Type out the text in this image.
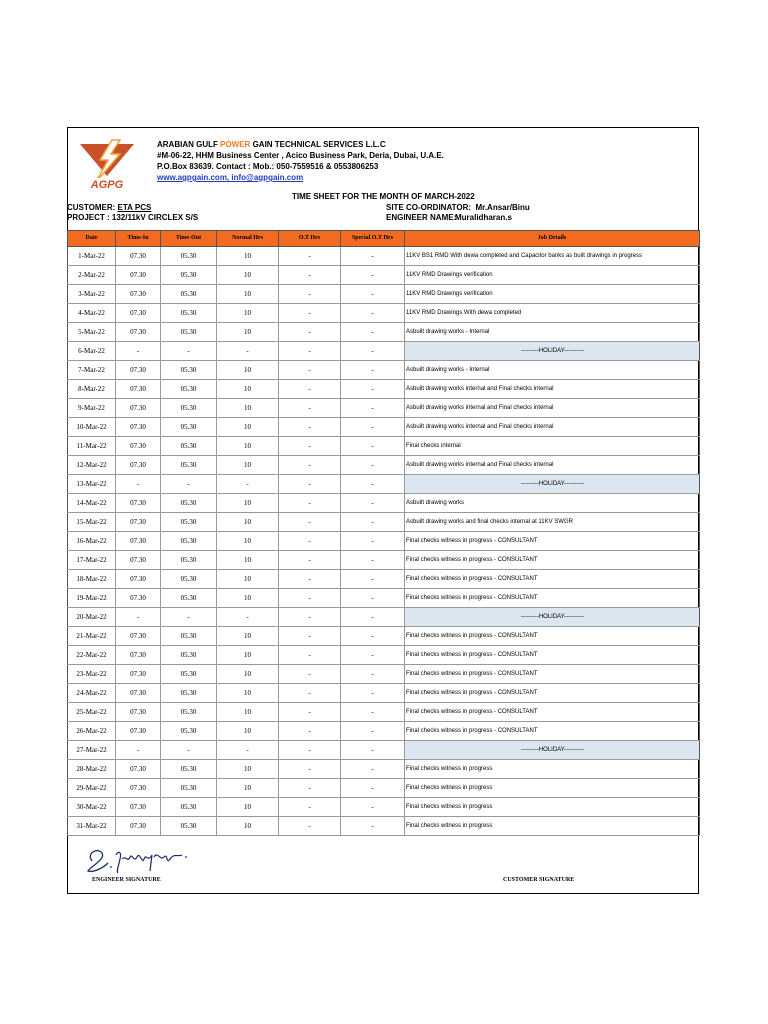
AGPG
ARABIAN GULF POWER GAIN TECHNICAL SERVICES L.L.C
#M-06-22, HHM Business Center , Acico Business Park, Deria, Dubai, U.A.E.
P.O.Box 83639. Contact : Mob.: 050-7559516 & 0553806253
www.agpgain.com, info@agpgain.com
TIME SHEET FOR THE MONTH OF MARCH-2022
CUSTOMER: ETA PCS
PROJECT : 132/11kV CIRCLEX S/S
SITE CO-ORDINATOR: Mr.Ansar/Binu
ENGINEER NAME:Muralidharan.s
Date	Time-In	Time-Out	Normal Hrs	O.T Hrs	Special O.T Hrs	Job Details
1-Mar-22	07.30	05.30	10	-	-	11KV BS1 RMD With dewa completed and Capacitor banks as built drawings in progress
2-Mar-22	07.30	05.30	10	-	-	11KV RMD Drawings verification
3-Mar-22	07.30	05.30	10	-	-	11KV RMD Drawings verification
4-Mar-22	07.30	05.30	10	-	-	11KV RMD Drawings With dewa completed
5-Mar-22	07.30	05.30	10	-	-	Asbuilt drawing works - Internal
6-Mar-22	-	-	-	-	-	---------HOLIDAY----------
7-Mar-22	07.30	05.30	10	-	-	Asbuilt drawing works - Internal
8-Mar-22	07.30	05.30	10	-	-	Asbuilt drawing works internal and Final checks internal
9-Mar-22	07.30	05.30	10	-	-	Asbuilt drawing works internal and Final checks internal
10-Mar-22	07.30	05.30	10	-	-	Asbuilt drawing works internal and Final checks internal
11-Mar-22	07.30	05.30	10	-	-	Final checks internal
12-Mar-22	07.30	05.30	10	-	-	Asbuilt drawing works internal and Final checks internal
13-Mar-22	-	-	-	-	-	---------HOLIDAY----------
14-Mar-22	07.30	05.30	10	-	-	Asbuilt drawing works
15-Mar-22	07.30	05.30	10	-	-	Asbuilt drawing works and final checks internal at 11KV SWGR
16-Mar-22	07.30	05.30	10	-	-	Final checks witness in progress - CONSULTANT
17-Mar-22	07.30	05.30	10	-	-	Final checks witness in progress - CONSULTANT
18-Mar-22	07.30	05.30	10	-	-	Final checks witness in progress - CONSULTANT
19-Mar-22	07.30	05.30	10	-	-	Final checks witness in progress - CONSULTANT
20-Mar-22	-	-	-	-	-	---------HOLIDAY----------
21-Mar-22	07.30	05.30	10	-	-	Final checks witness in progress - CONSULTANT
22-Mar-22	07.30	05.30	10	-	-	Final checks witness in progress - CONSULTANT
23-Mar-22	07.30	05.30	10	-	-	Final checks witness in progress - CONSULTANT
24-Mar-22	07.30	05.30	10	-	-	Final checks witness in progress - CONSULTANT
25-Mar-22	07.30	05.30	10	-	-	Final checks witness in progress - CONSULTANT
26-Mar-22	07.30	05.30	10	-	-	Final checks witness in progress - CONSULTANT
27-Mar-22	-	-	-	-	-	---------HOLIDAY----------
28-Mar-22	07.30	05.30	10	-	-	Final checks witness in progress
29-Mar-22	07.30	05.30	10	-	-	Final checks witness in progress
30-Mar-22	07.30	05.30	10	-	-	Final checks witness in progress
31-Mar-22	07.30	05.30	10	-	-	Final checks witness in progress
ENGINEER SIGNATURE	CUSTOMER SIGNATURE
